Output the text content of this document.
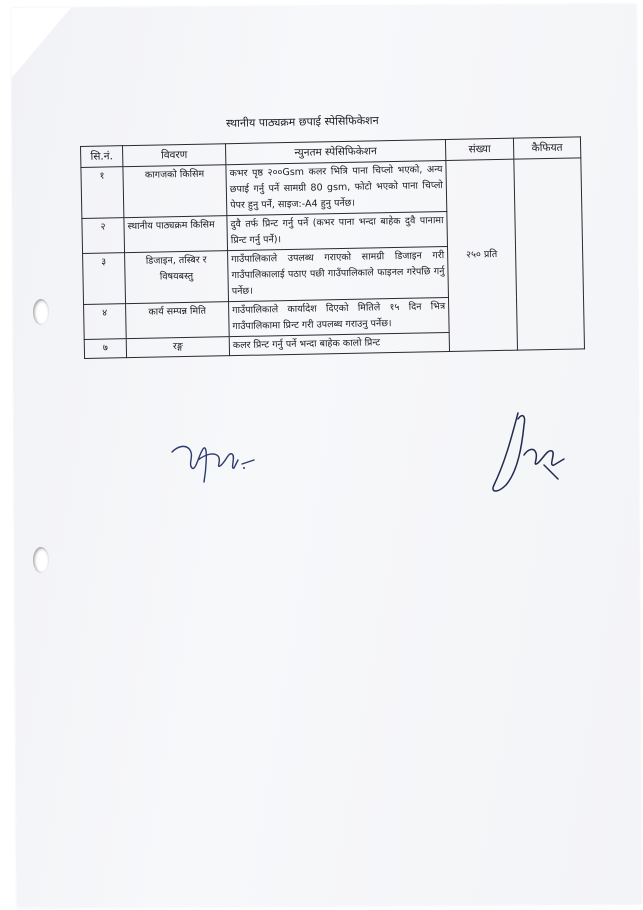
स्थानीय पाठ्यक्रम छपाई स्पेसिफिकेशन
सि.नं.	विवरण	न्युनतम स्पेसिफिकेशन	संख्या	कैफियत
१	कागजको किसिम	कभर पृष्ठ २००Gsm कलर भित्रि पाना चिप्लो भएको, अन्य छपाई गर्नु पर्ने सामग्री 80 gsm, फोटो भएको पाना चिप्लो पेपर हुनु पर्ने, साइज:-A4 हुनु पर्नेछ।	२५० प्रति	
२	स्थानीय पाठ्यक्रम किसिम	दुवै तर्फ प्रिन्ट गर्नु पर्ने (कभर पाना भन्दा बाहेक दुवै पानामा प्रिन्ट गर्नु पर्ने)।		
३	डिजाइन, तस्बिर र विषयबस्तु	गाउँपालिकाले उपलब्ध गराएको सामग्री डिजाइन गरी गाउँपालिकालाई पठाए पछी गाउँपालिकाले फाइनल गरेपछि गर्नु पर्नेछ।		
४	कार्य सम्पन्न मिति	गाउँपालिकाले कार्यादेश दिएको मितिले १५ दिन भित्र गाउँपालिकामा प्रिन्ट गरी उपलब्ध गराउनु पर्नेछ।		
७	रङ्ग	कलर प्रिन्ट गर्नु पर्ने भन्दा बाहेक कालो प्रिन्ट		
